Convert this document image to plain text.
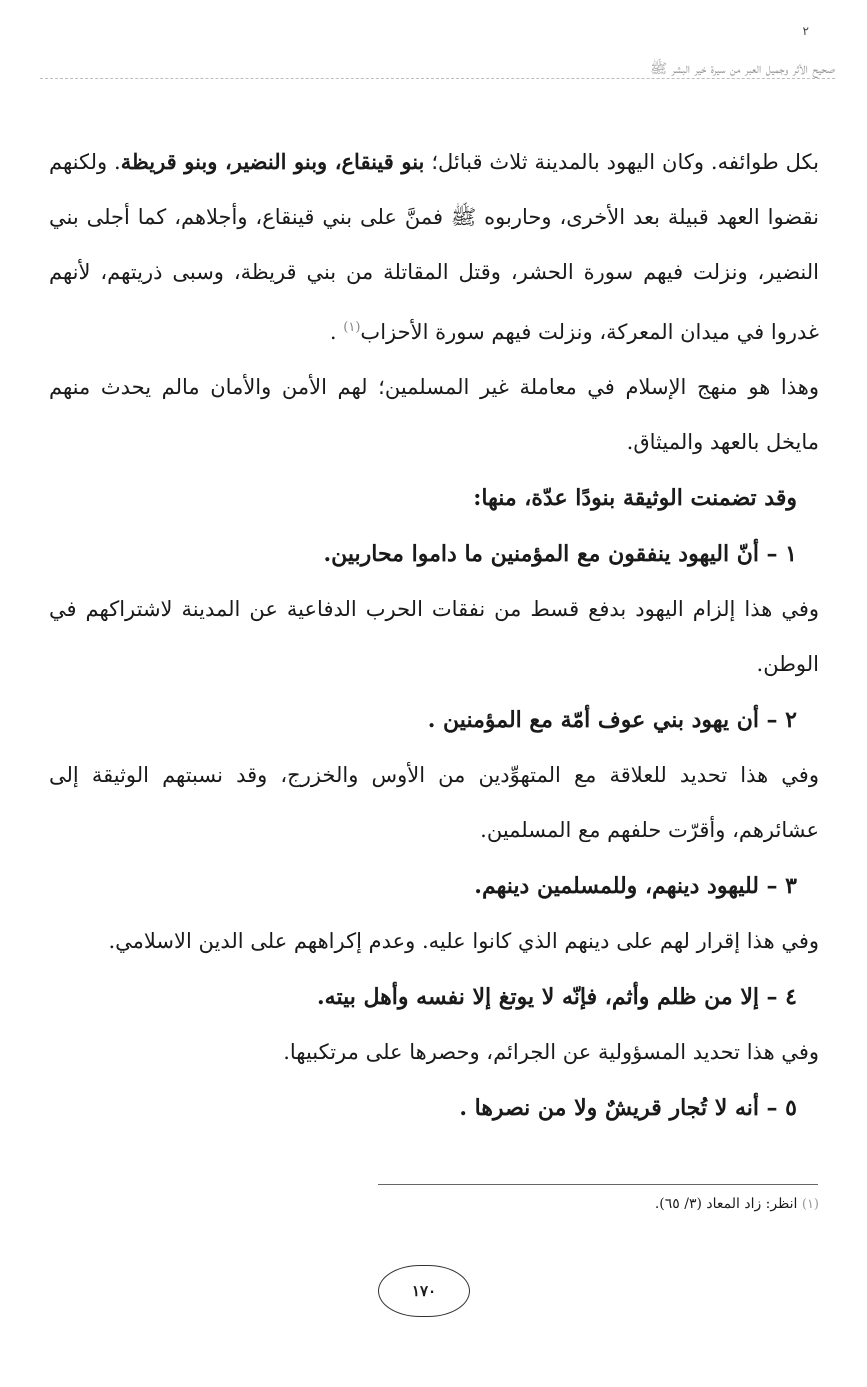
٢
صحيح الأثر وجميل العبر من سيرة خير البشر ﷺ

بكل طوائفه. وكان اليهود بالمدينة ثلاث قبائل؛ بنو قينقاع، وبنو النضير، وبنو قريظة. ولكنهم نقضوا العهد قبيلة بعد الأخرى، وحاربوه ﷺ فمنَّ على بني قينقاع، وأجلاهم، كما أجلى بني النضير، ونزلت فيهم سورة الحشر، وقتل المقاتلة من بني قريظة، وسبى ذريتهم، لأنهم غدروا في ميدان المعركة، ونزلت فيهم سورة الأحزاب$^{(١)}$ .

وهذا هو منهج الإسلام في معاملة غير المسلمين؛ لهم الأمن والأمان مالم يحدث منهم مايخل بالعهد والميثاق.

وقد تضمنت الوثيقة بنودًا عدّة، منها:

١ –أنّ اليهود ينفقون مع المؤمنين ما داموا محاربين.

وفي هذا إلزام اليهود بدفع قسط من نفقات الحرب الدفاعية عن المدينة لاشتراكهم في الوطن.

٢ –أن يهود بني عوف أمّة مع المؤمنين .

وفي هذا تحديد للعلاقة مع المتهوِّدين من الأوس والخزرج، وقد نسبتهم الوثيقة إلى عشائرهم، وأقرّت حلفهم مع المسلمين.

٣ –لليهود دينهم، وللمسلمين دينهم.

وفي هذا إقرار لهم على دينهم الذي كانوا عليه. وعدم إكراههم على الدين الاسلامي.

٤ –إلا من ظلم وأثم، فإنّه لا يوتغ إلا نفسه وأهل بيته.

وفي هذا تحديد المسؤولية عن الجرائم، وحصرها على مرتكبيها.

٥ –أنه لا تُجار قريشٌ ولا من نصرها .

(١) انظر: زاد المعاد (٣/ ٦٥).
١٧٠
